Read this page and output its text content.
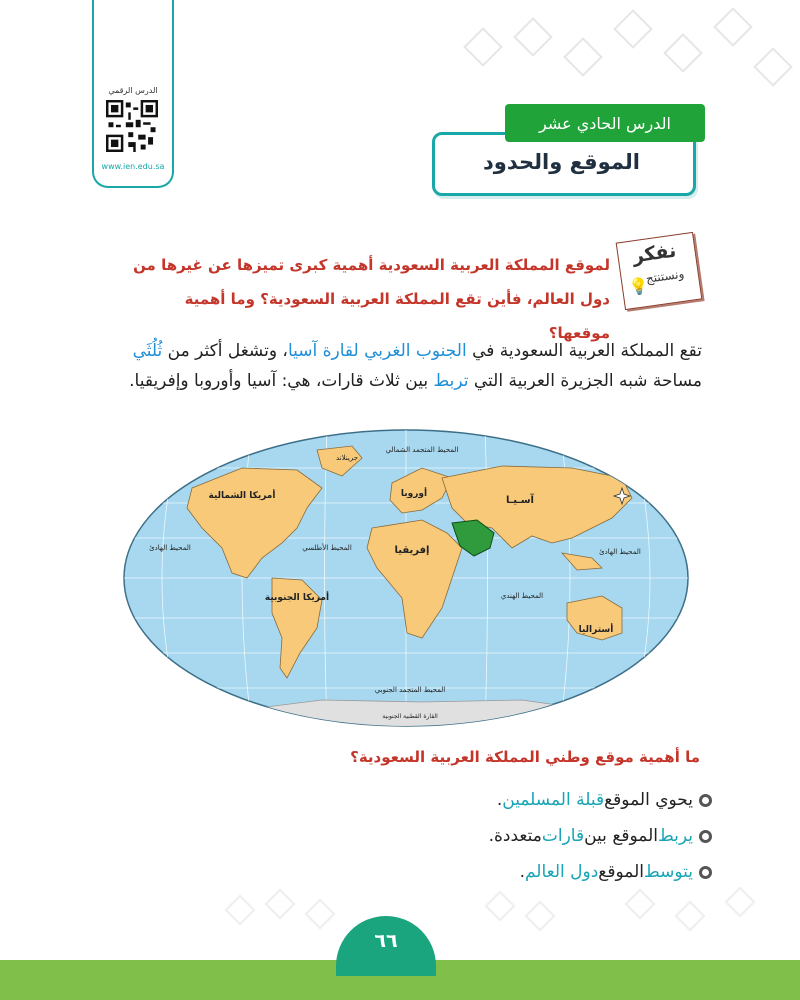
الدرس الرقمي
www.ien.edu.sa
الدرس الحادي عشر
الموقع والحدود
نفكر
ونستنتج
💡
لموقع المملكة العربية السعودية أهمية كبرى تميزها عن غيرها من دول العالم، فأين تقع المملكة العربية السعودية؟ وما أهمية موقعها؟
تقع المملكة العربية السعودية في الجنوب الغربي لقارة آسيا، وتشغل أكثر من ثُلُثَي مساحة شبه الجزيرة العربية التي تربط بين ثلاث قارات، هي: آسيا وأوروبا وإفريقيا.
جرينلاند
المحيط المتجمد الشمالي
أوروبا
آسـيـا
أمريكا الشمالية
المحيط الهادئ	المحيط الهادئ
المحيط الأطلسي	إفريقيا
أمريكا الجنوبية	المحيط الهندي
أستراليا
المحيط المتجمد الجنوبي
القارة القطبية الجنوبية
ما أهمية موقع وطني المملكة العربية السعودية؟
يحوي الموقع
قبلة المسلمين
.
يربط
الموقع بين
قارات
متعددة.
يتوسط
الموقع
دول العالم
.
٦٦
